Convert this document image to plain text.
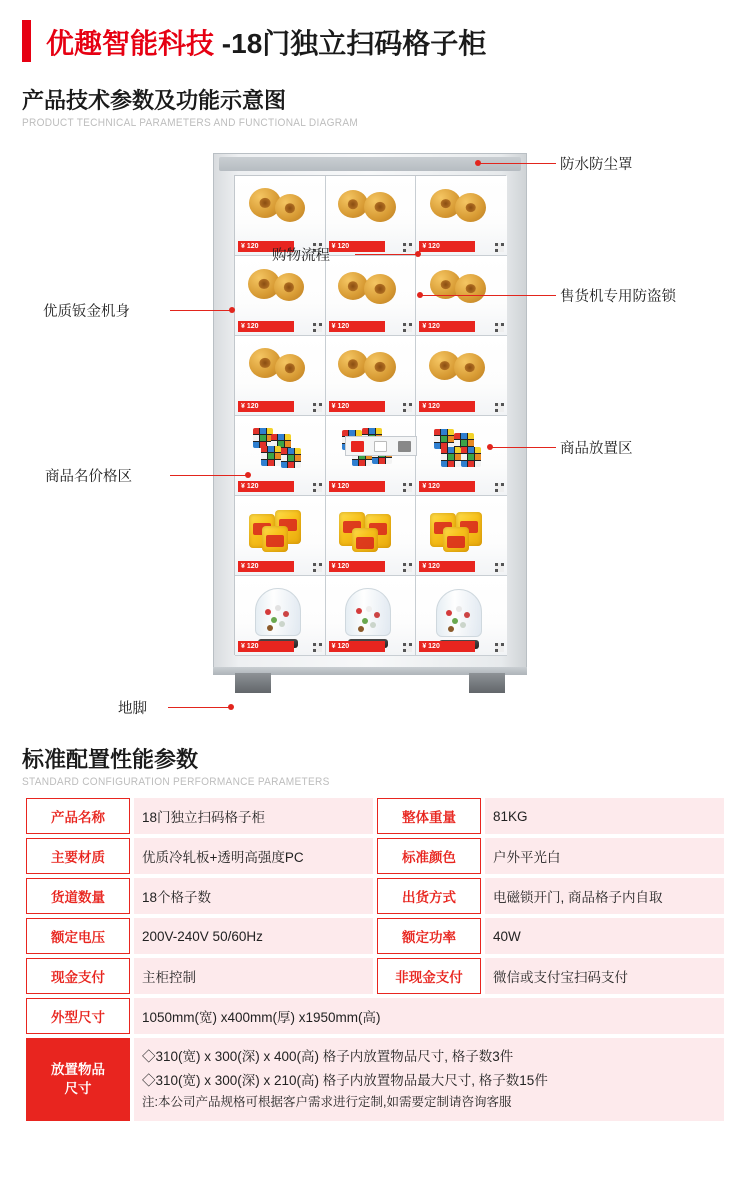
优趣智能科技 -18门独立扫码格子柜
产品技术参数及功能示意图
PRODUCT TECHNICAL PARAMETERS AND FUNCTIONAL DIAGRAM
¥ 120	¥ 120	¥ 120
¥ 120	¥ 120	¥ 120
¥ 120	¥ 120	¥ 120
¥ 120	¥ 120	¥ 120
¥ 120	¥ 120	¥ 120
¥ 120	¥ 120	¥ 120
防水防尘罩
购物流程
售货机专用防盗锁
优质钣金机身
商品放置区
商品名价格区
地脚
标准配置性能参数
STANDARD CONFIGURATION PERFORMANCE PARAMETERS
产品名称	18门独立扫码格子柜	整体重量	81KG
主要材质	优质冷轧板+透明高强度PC	标准颜色	户外平光白
货道数量	18个格子数	出货方式	电磁锁开门, 商品格子内自取
额定电压	200V-240V 50/60Hz	额定功率	40W
现金支付	主柜控制	非现金支付	微信或支付宝扫码支付
外型尺寸	1050mm(宽) x400mm(厚) x1950mm(高)		
放置物品
尺寸	
◇310(宽) x 300(深) x 400(高) 格子内放置物品尺寸, 格子数3件
◇310(宽) x 300(深) x 210(高) 格子内放置物品最大尺寸, 格子数15件
注:本公司产品规格可根据客户需求进行定制,如需要定制请咨询客服
